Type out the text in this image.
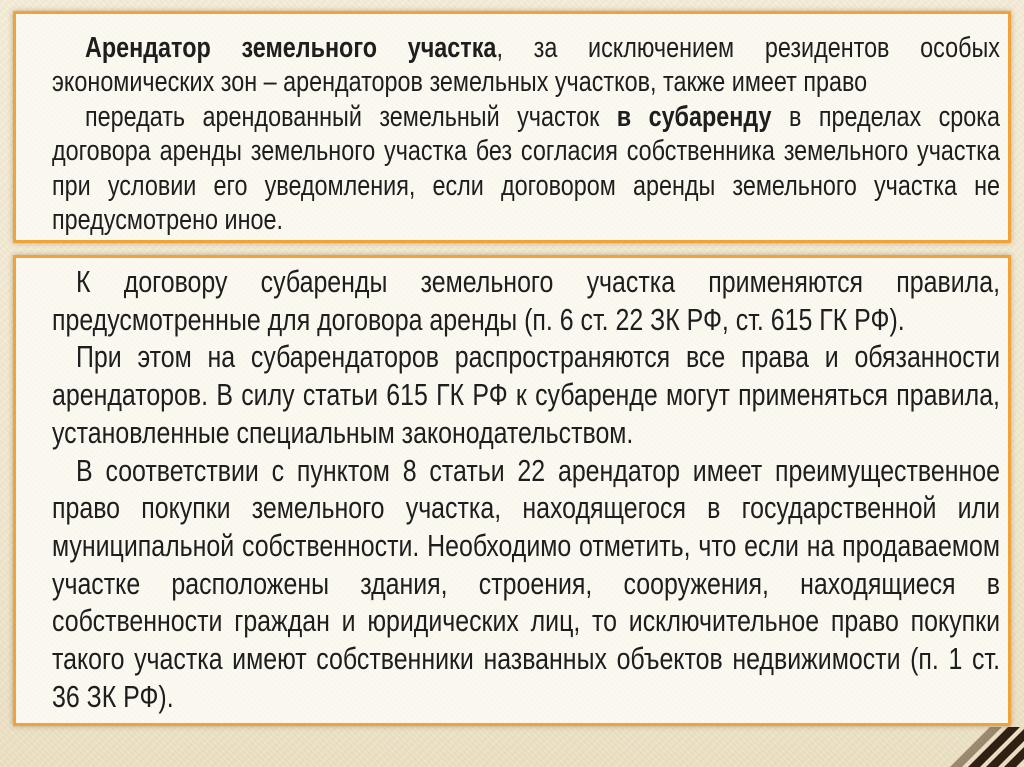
Арендатор земельного участка, за исключением резидентов особых экономических зон – арендаторов земельных участков, также имеет право

передать арендованный земельный участок в субаренду в пределах срока договора аренды земельного участка без согласия собственника земельного участка при условии его уведомления, если договором аренды земельного участка не предусмотрено иное.

К договору субаренды земельного участка применяются правила, предусмотренные для договора аренды (п. 6 ст. 22 ЗК РФ, ст. 615 ГК РФ).

При этом на субарендаторов распространяются все права и обязанности арендаторов. В силу статьи 615 ГК РФ к субаренде могут применяться правила, установленные специальным законодательством.

В соответствии с пунктом 8 статьи 22 арендатор имеет преимущественное право покупки земельного участка, находящегося в государственной или муниципальной собственности. Необходимо отметить, что если на продаваемом участке расположены здания, строения, сооружения, находящиеся в собственности граждан и юридических лиц, то исключительное право покупки такого участка имеют собственники названных объектов недвижимости (п. 1 ст. 36 ЗК РФ).
